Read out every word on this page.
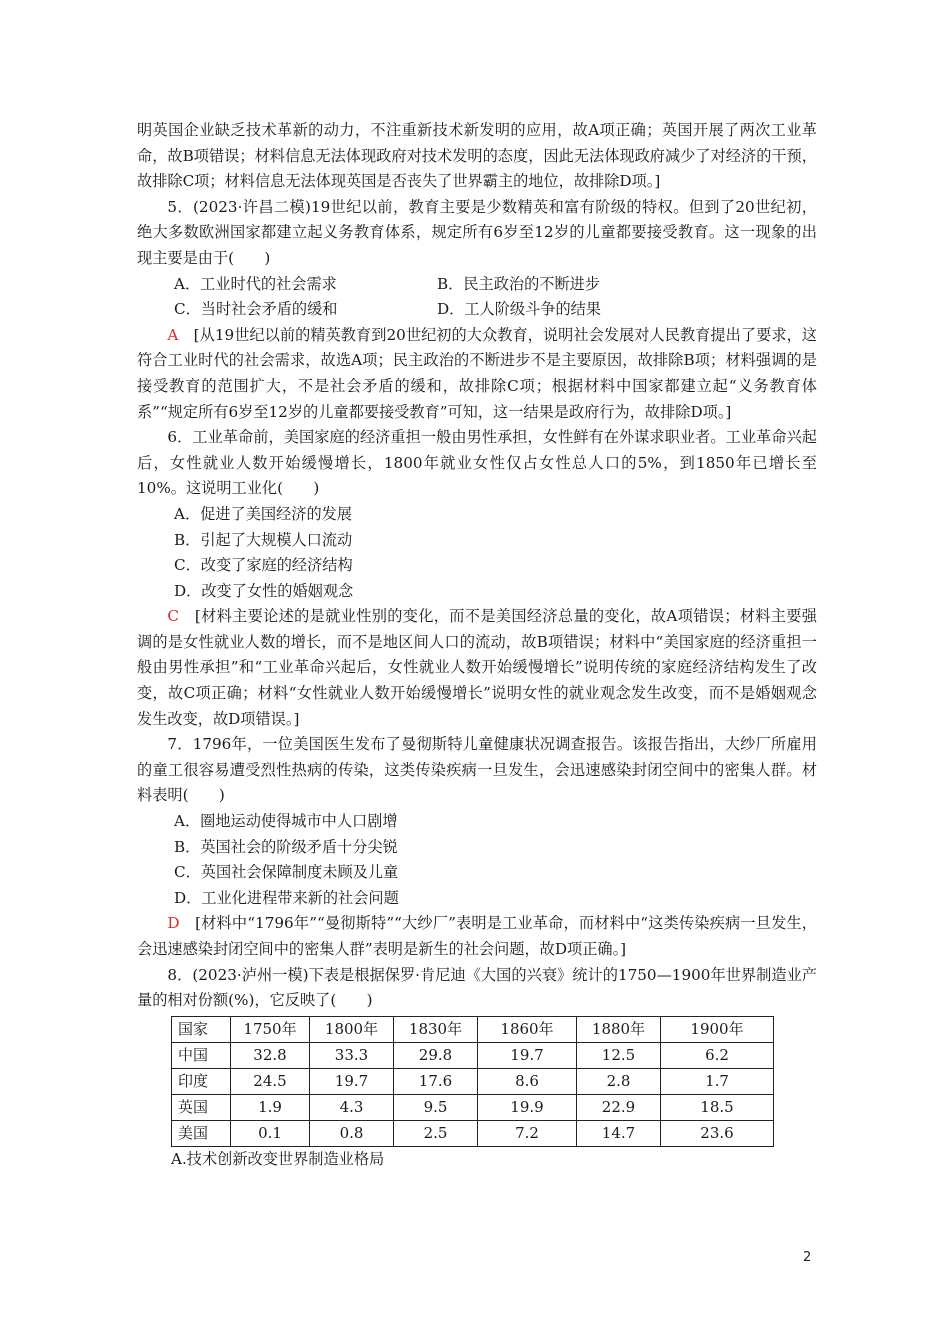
明英国企业缺乏技术革新的动力，不注重新技术新发明的应用，故A项正确；英国开展了两次工业革命，故B项错误；材料信息无法体现政府对技术发明的态度，因此无法体现政府减少了对经济的干预，故排除C项；材料信息无法体现英国是否丧失了世界霸主的地位，故排除D项。]

5．(2023·许昌二模)19世纪以前，教育主要是少数精英和富有阶级的特权。但到了20世纪初，绝大多数欧洲国家都建立起义务教育体系，规定所有6岁至12岁的儿童都要接受教育。这一现象的出现主要是由于(　　)

A．工业时代的社会需求	B．民主政治的不断进步
C．当时社会矛盾的缓和	D．工人阶级斗争的结果

A　[从19世纪以前的精英教育到20世纪初的大众教育，说明社会发展对人民教育提出了要求，这符合工业时代的社会需求，故选A项；民主政治的不断进步不是主要原因，故排除B项；材料强调的是接受教育的范围扩大，不是社会矛盾的缓和，故排除C项；根据材料中国家都建立起“义务教育体系”“规定所有6岁至12岁的儿童都要接受教育”可知，这一结果是政府行为，故排除D项。]

6．工业革命前，美国家庭的经济重担一般由男性承担，女性鲜有在外谋求职业者。工业革命兴起后，女性就业人数开始缓慢增长，1800年就业女性仅占女性总人口的5%，到1850年已增长至10%。这说明工业化(　　)

A．促进了美国经济的发展

B．引起了大规模人口流动

C．改变了家庭的经济结构

D．改变了女性的婚姻观念

C　[材料主要论述的是就业性别的变化，而不是美国经济总量的变化，故A项错误；材料主要强调的是女性就业人数的增长，而不是地区间人口的流动，故B项错误；材料中“美国家庭的经济重担一般由男性承担”和“工业革命兴起后，女性就业人数开始缓慢增长”说明传统的家庭经济结构发生了改变，故C项正确；材料“女性就业人数开始缓慢增长”说明女性的就业观念发生改变，而不是婚姻观念发生改变，故D项错误。]

7．1796年，一位美国医生发布了曼彻斯特儿童健康状况调查报告。该报告指出，大纱厂所雇用的童工很容易遭受烈性热病的传染，这类传染疾病一旦发生，会迅速感染封闭空间中的密集人群。材料表明(　　)

A．圈地运动使得城市中人口剧增

B．英国社会的阶级矛盾十分尖锐

C．英国社会保障制度未顾及儿童

D．工业化进程带来新的社会问题

D　[材料中“1796年”“曼彻斯特”“大纱厂”表明是工业革命，而材料中“这类传染疾病一旦发生，会迅速感染封闭空间中的密集人群”表明是新生的社会问题，故D项正确。]

8．(2023·泸州一模)下表是根据保罗·肯尼迪《大国的兴衰》统计的1750—1900年世界制造业产量的相对份额(%)，它反映了(　　)

国家	1750年	1800年	1830年	1860年	1880年	1900年
中国	32.8	33.3	29.8	19.7	12.5	6.2
印度	24.5	19.7	17.6	8.6	2.8	1.7
英国	1.9	4.3	9.5	19.9	22.9	18.5
美国	0.1	0.8	2.5	7.2	14.7	23.6

A.技术创新改变世界制造业格局

2
